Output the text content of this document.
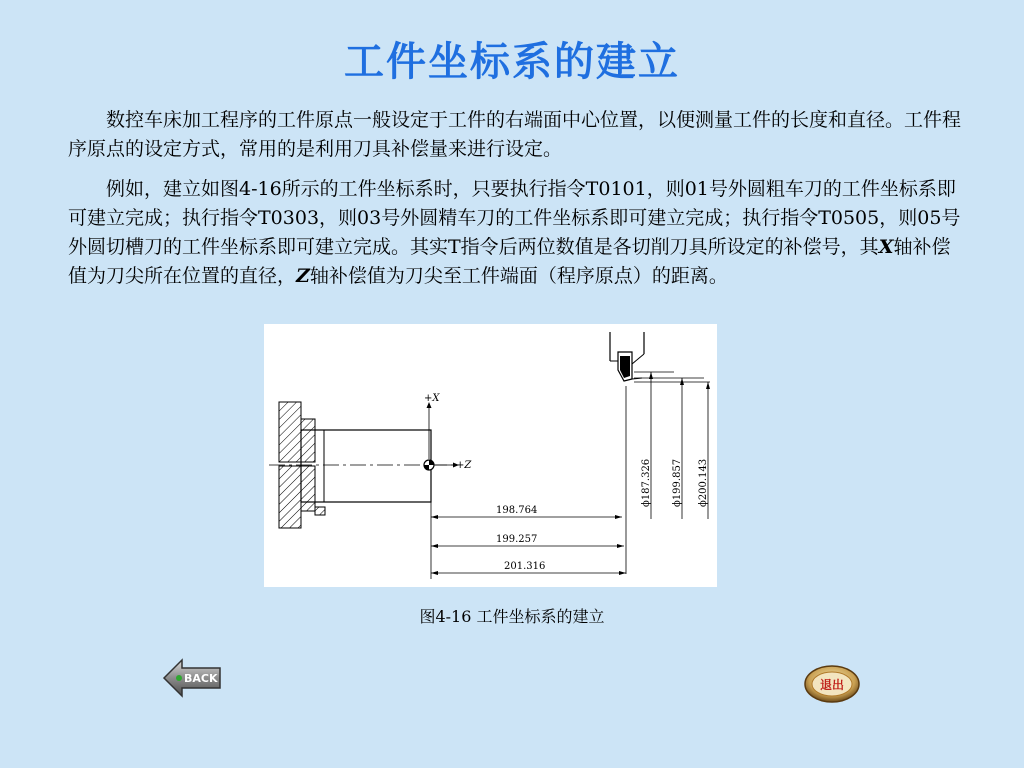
工件坐标系的建立

数控车床加工程序的工件原点一般设定于工件的右端面中心位置，以便测量工件的长度和直径。工件程序原点的设定方式，常用的是利用刀具补偿量来进行设定。

例如，建立如图4-16所示的工件坐标系时，只要执行指令T0101，则01号外圆粗车刀的工件坐标系即可建立完成；执行指令T0303，则03号外圆精车刀的工件坐标系即可建立完成；执行指令T0505，则05号外圆切槽刀的工件坐标系即可建立完成。其实T指令后两位数值是各切削刀具所设定的补偿号，其X轴补偿值为刀尖所在位置的直径，Z轴补偿值为刀尖至工件端面（程序原点）的距离。

+X
+Z
198.764
199.257
201.316
ϕ187.326 ϕ199.857 ϕ200.143
图4-16 工件坐标系的建立
BACK	退出
